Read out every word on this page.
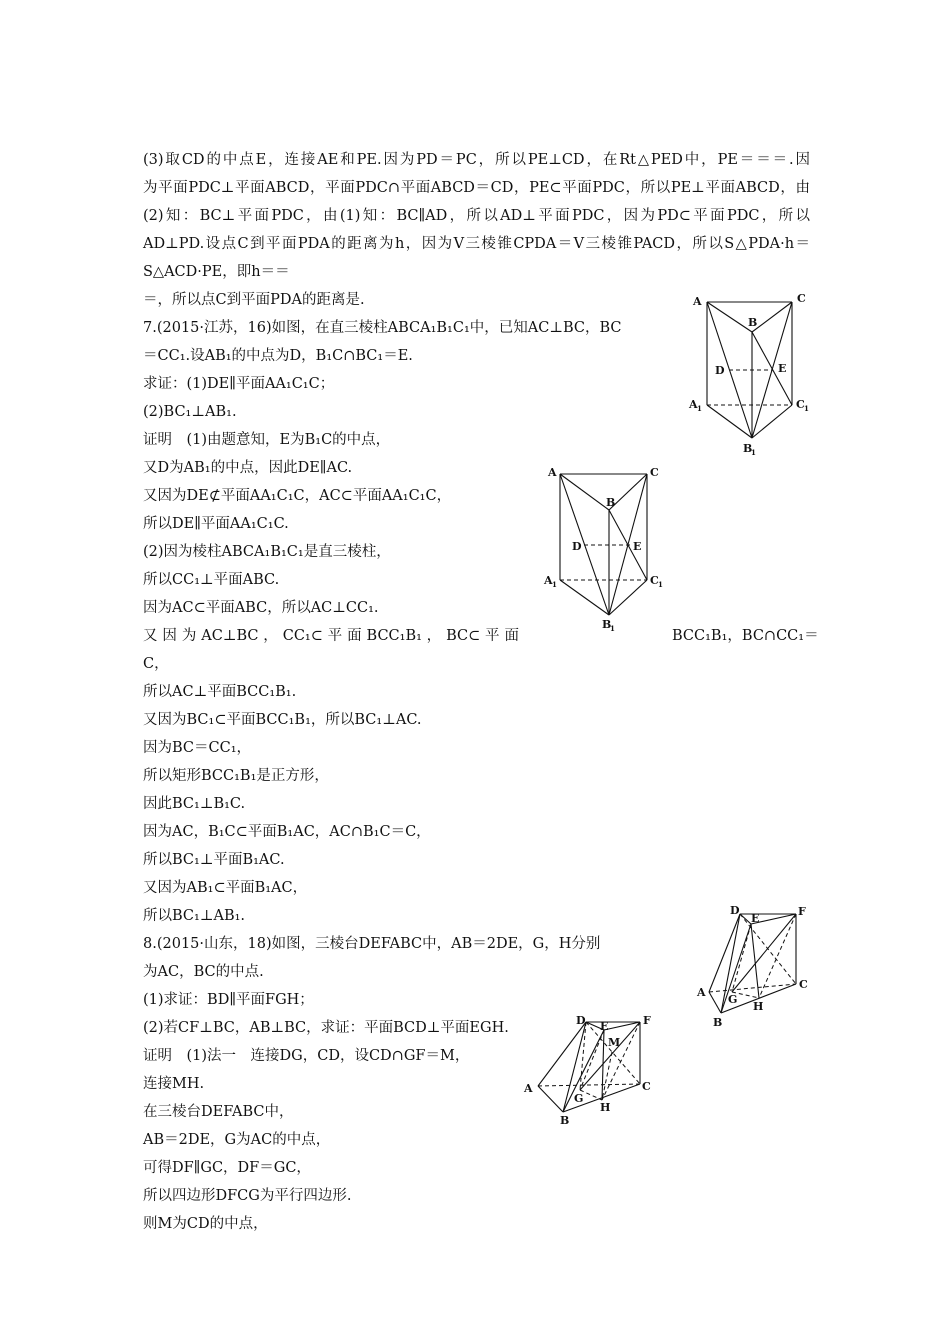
(3)取CD的中点E，连接AE和PE.因为PD＝PC，所以PE⊥CD，在Rt△PED中，PE＝＝＝.因
为平面PDC⊥平面ABCD，平面PDC∩平面ABCD＝CD，PE⊂平面PDC，所以PE⊥平面ABCD，由
(2)知：BC⊥平面PDC，由(1)知：BC∥AD，所以AD⊥平面PDC，因为PD⊂平面PDC，所以
AD⊥PD.设点C到平面PDA的距离为h，因为V三棱锥CPDA＝V三棱锥PACD，所以S△PDA·h＝
S△ACD·PE，即h＝＝
＝，所以点C到平面PDA的距离是.
7.(2015·江苏，16)如图，在直三棱柱ABCA₁B₁C₁中，已知AC⊥BC，BC
＝CC₁.设AB₁的中点为D，B₁C∩BC₁＝E.
求证：(1)DE∥平面AA₁C₁C；
(2)BC₁⊥AB₁.
证明　(1)由题意知，E为B₁C的中点，
又D为AB₁的中点，因此DE∥AC.
又因为DE⊄平面AA₁C₁C，AC⊂平面AA₁C₁C，
所以DE∥平面AA₁C₁C.
(2)因为棱柱ABCA₁B₁C₁是直三棱柱，
所以CC₁⊥平面ABC.
因为AC⊂平面ABC，所以AC⊥CC₁.
又 因 为 AC⊥BC ， CC₁⊂ 平 面 BCC₁B₁ ， BC⊂ 平 面	BCC₁B₁，BC∩CC₁＝
C，
所以AC⊥平面BCC₁B₁.
又因为BC₁⊂平面BCC₁B₁，所以BC₁⊥AC.
因为BC＝CC₁，
所以矩形BCC₁B₁是正方形，
因此BC₁⊥B₁C.
因为AC，B₁C⊂平面B₁AC，AC∩B₁C＝C，
所以BC₁⊥平面B₁AC.
又因为AB₁⊂平面B₁AC，
所以BC₁⊥AB₁.
8.(2015·山东，18)如图，三棱台DEFABC中，AB＝2DE，G，H分别
为AC，BC的中点.
(1)求证：BD∥平面FGH；
(2)若CF⊥BC，AB⊥BC，求证：平面BCD⊥平面EGH.
证明　(1)法一　连接DG，CD，设CD∩GF＝M，
连接MH.
在三棱台DEFABC中，
AB＝2DE，G为AC的中点，
可得DF∥GC，DF＝GC，
所以四边形DFCG为平行四边形.
则M为CD的中点，
A	C
B
D	E
A 1	C 1
B
1
A	C
B
D	E
A 1	C 1
B
1
D
E
F
A
C
B
G
H
D E	F
M
A	C
B
G
H
